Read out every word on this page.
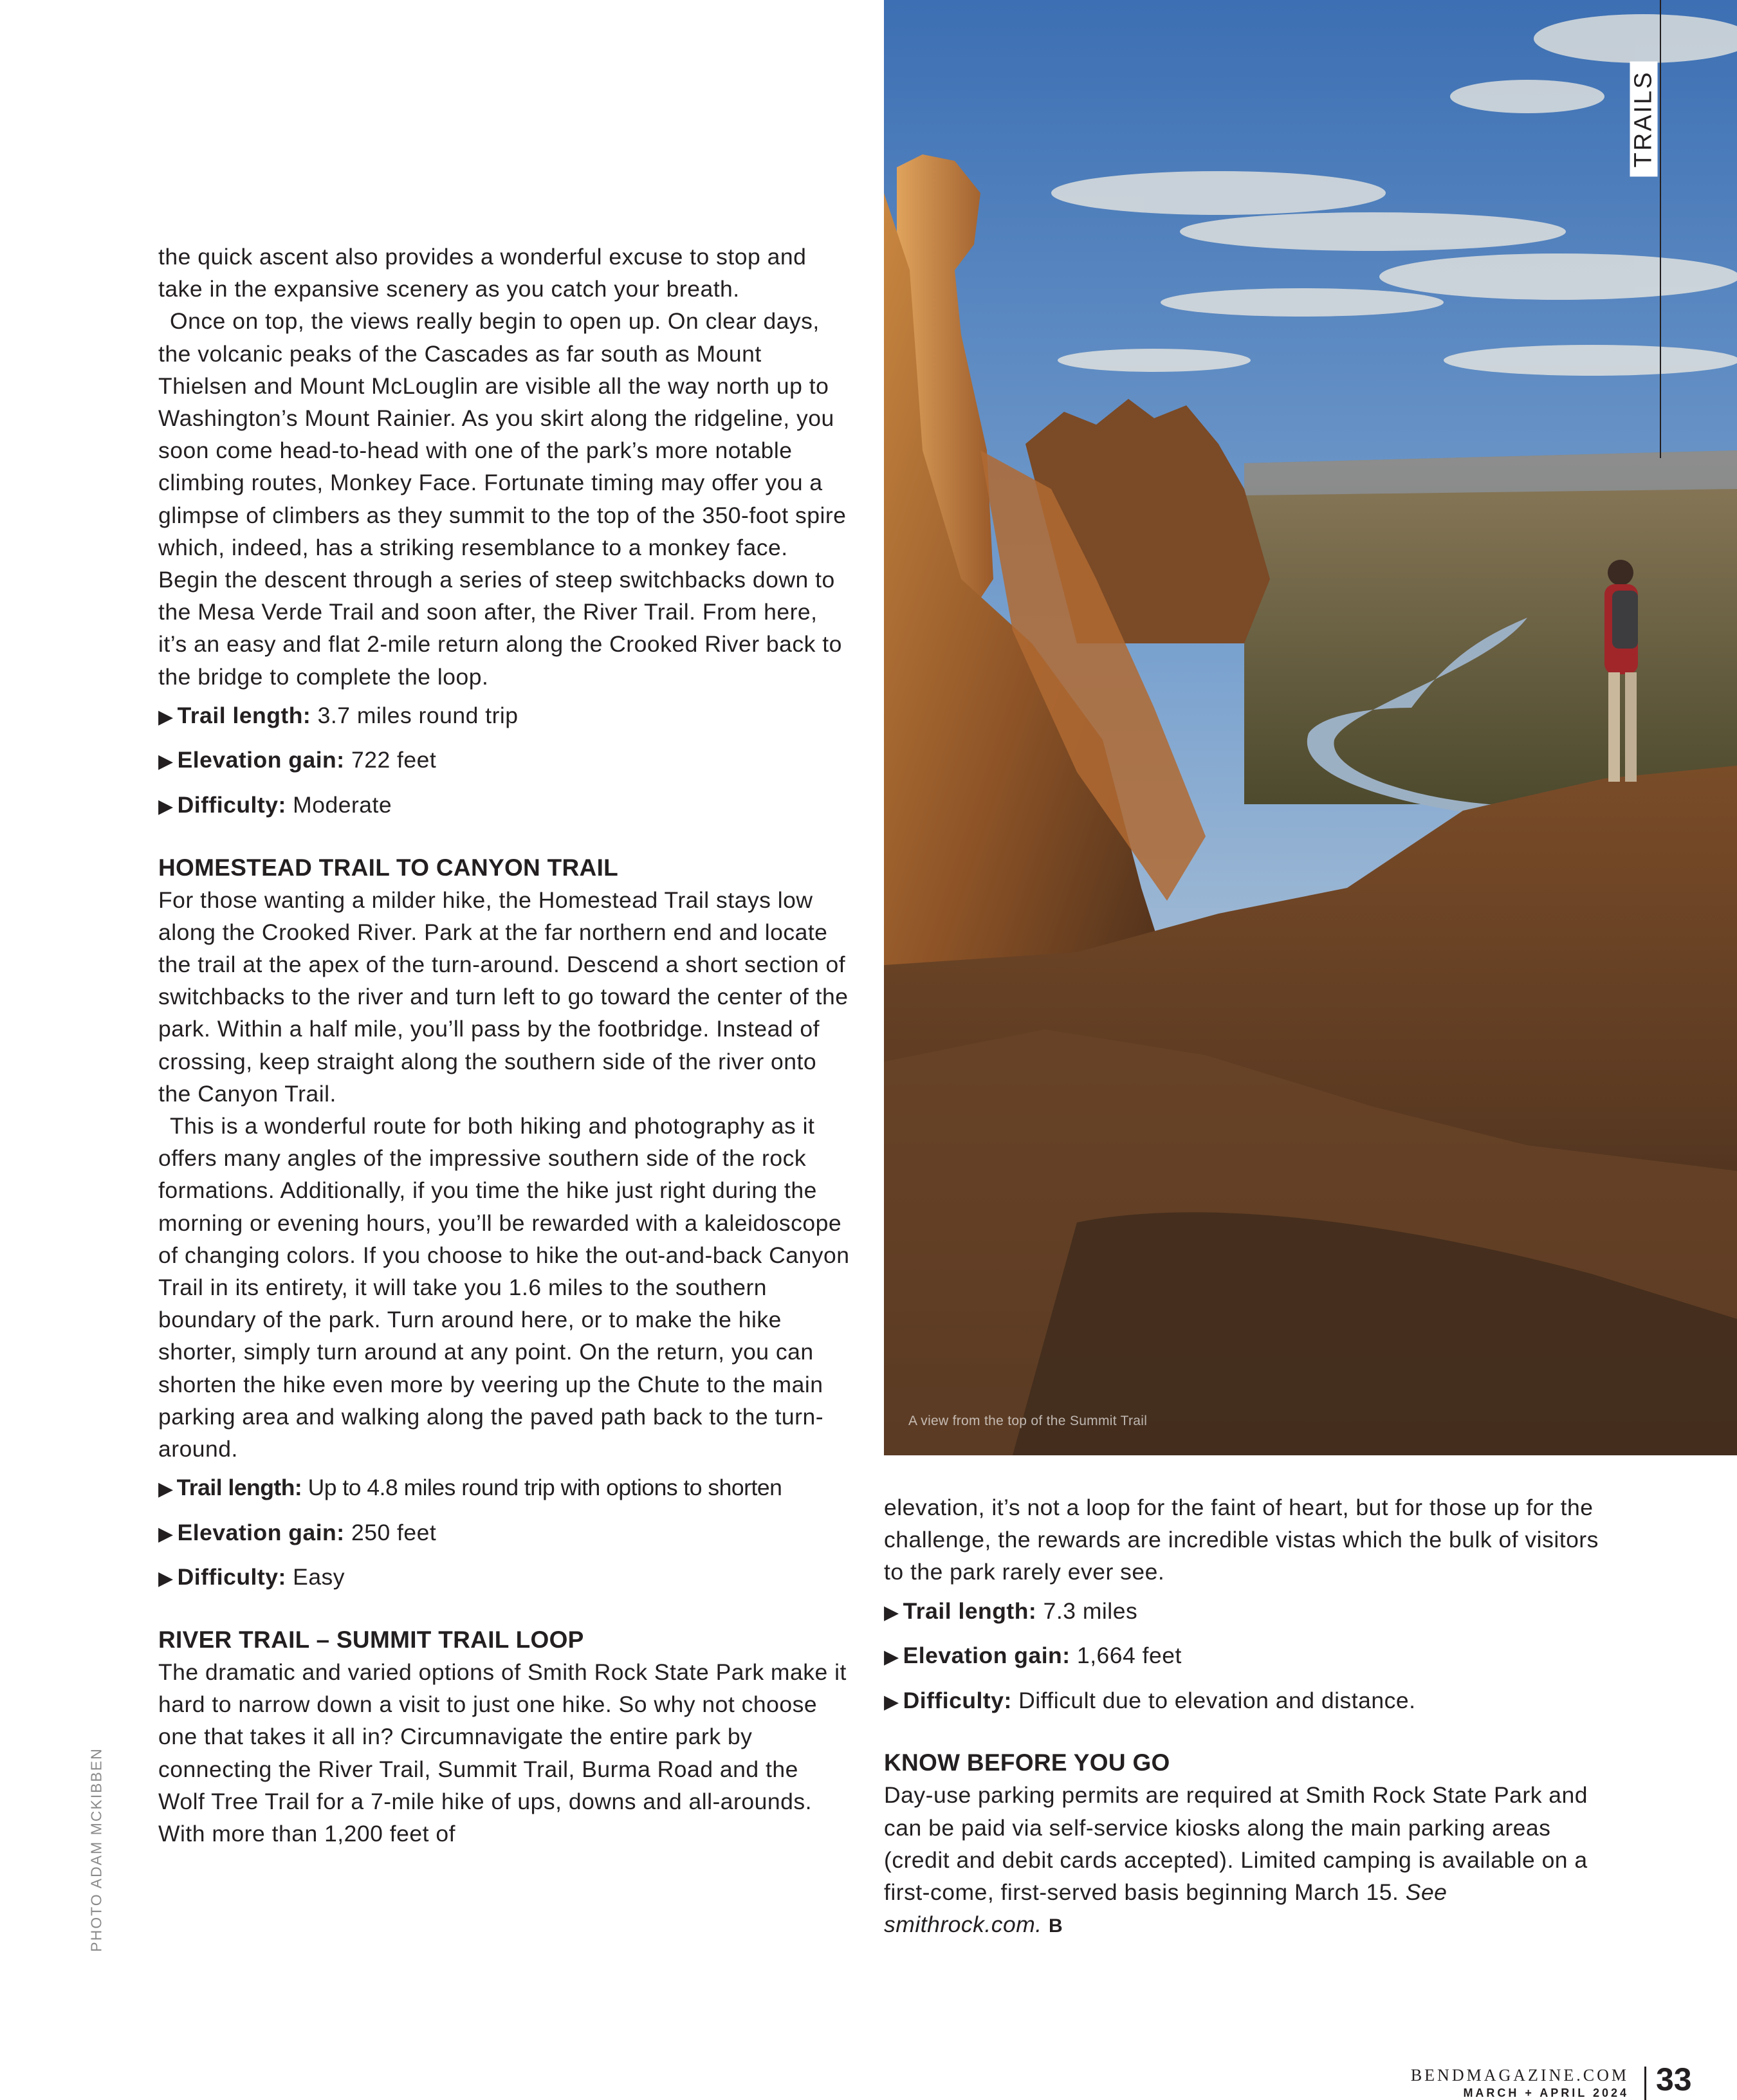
the quick ascent also provides a wonderful excuse to stop and take in the expansive scenery as you catch your breath.

Once on top, the views really begin to open up. On clear days, the volcanic peaks of the Cascades as far south as Mount Thielsen and Mount McLouglin are visible all the way north up to Washington’s Mount Rainier. As you skirt along the ridgeline, you soon come head-to-head with one of the park’s more notable climbing routes, Monkey Face. Fortunate timing may offer you a glimpse of climbers as they summit to the top of the 350-foot spire which, indeed, has a striking resemblance to a monkey face. Begin the descent through a series of steep switchbacks down to the Mesa Verde Trail and soon after, the River Trail. From here, it’s an easy and flat 2-mile return along the Crooked River back to the bridge to complete the loop.

▶ Trail length: 3.7 miles round trip
▶ Elevation gain: 722 feet
▶ Difficulty: Moderate
HOMESTEAD TRAIL TO CANYON TRAIL

For those wanting a milder hike, the Homestead Trail stays low along the Crooked River. Park at the far northern end and locate the trail at the apex of the turn-around. Descend a short section of switchbacks to the river and turn left to go toward the center of the park. Within a half mile, you’ll pass by the footbridge. Instead of crossing, keep straight along the southern side of the river onto the Canyon Trail.

This is a wonderful route for both hiking and photography as it offers many angles of the impressive southern side of the rock formations. Additionally, if you time the hike just right during the morning or evening hours, you’ll be rewarded with a kaleidoscope of changing colors. If you choose to hike the out-and-back Canyon Trail in its entirety, it will take you 1.6 miles to the southern boundary of the park. Turn around here, or to make the hike shorter, simply turn around at any point. On the return, you can shorten the hike even more by veering up the Chute to the main parking area and walking along the paved path back to the turn-around.

▶ Trail length: Up to 4.8 miles round trip with options to shorten
▶ Elevation gain: 250 feet
▶ Difficulty: Easy
RIVER TRAIL – SUMMIT TRAIL LOOP

The dramatic and varied options of Smith Rock State Park make it hard to narrow down a visit to just one hike. So why not choose one that takes it all in? Circumnavigate the entire park by connecting the River Trail, Summit Trail, Burma Road and the Wolf Tree Trail for a 7-mile hike of ups, downs and all-arounds. With more than 1,200 feet of

A view from the top of the Summit Trail
TRAILS
PHOTO ADAM MCKIBBEN

elevation, it’s not a loop for the faint of heart, but for those up for the challenge, the rewards are incredible vistas which the bulk of visitors to the park rarely ever see.

▶ Trail length: 7.3 miles
▶ Elevation gain: 1,664 feet
▶ Difficulty: Difficult due to elevation and distance.
KNOW BEFORE YOU GO

Day-use parking permits are required at Smith Rock State Park and can be paid via self-service kiosks along the main parking areas (credit and debit cards accepted). Limited camping is available on a first-come, first-served basis beginning March 15. See smithrock.com. B

BENDMAGAZINE.COM
MARCH + APRIL 2024 33
